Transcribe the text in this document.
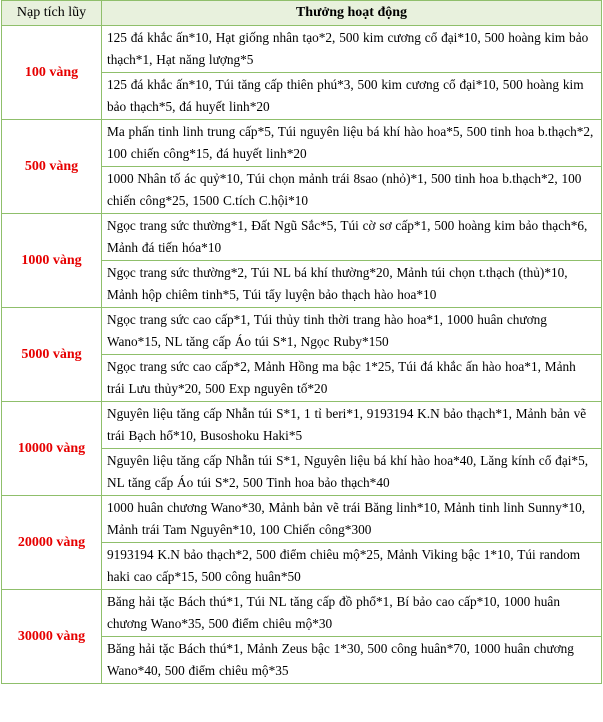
Nạp tích lũy	Thưởng hoạt động
100 vàng	125 đá khắc ấn*10, Hạt giống nhân tạo*2, 500 kim cương cổ đại*10, 500 hoàng kim bảo thạch*1, Hạt năng lượng*5
	125 đá khắc ấn*10, Túi tăng cấp thiên phú*3, 500 kim cương cổ đại*10, 500 hoàng kim bảo thạch*5, đá huyết linh*20
500 vàng	Ma phấn tinh linh trung cấp*5, Túi nguyên liệu bá khí hào hoa*5, 500 tinh hoa b.thạch*2, 100 chiến công*15, đá huyết linh*20
	1000 Nhân tố ác quỷ*10, Túi chọn mảnh trái 8sao (nhỏ)*1, 500 tinh hoa b.thạch*2, 100 chiến công*25, 1500 C.tích C.hội*10
1000 vàng	Ngọc trang sức thường*1, Đất Ngũ Sắc*5, Túi cờ sơ cấp*1, 500 hoàng kim bảo thạch*6, Mảnh đá tiến hóa*10
	Ngọc trang sức thường*2, Túi NL bá khí thường*20, Mảnh túi chọn t.thạch (thủ)*10, Mảnh hộp chiêm tinh*5, Túi tẩy luyện bảo thạch hào hoa*10
5000 vàng	Ngọc trang sức cao cấp*1, Túi thủy tinh thời trang hào hoa*1, 1000 huân chương Wano*15, NL tăng cấp Áo túi S*1, Ngọc Ruby*150
	Ngọc trang sức cao cấp*2, Mảnh Hồng ma bậc 1*25, Túi đá khắc ấn hào hoa*1, Mảnh trái Lưu thủy*20, 500 Exp nguyên tố*20
10000 vàng	Nguyên liệu tăng cấp Nhẫn túi S*1, 1 tỉ beri*1, 9193194 K.N bảo thạch*1, Mảnh bản vẽ trái Bạch hổ*10, Busoshoku Haki*5
	Nguyên liệu tăng cấp Nhẫn túi S*1, Nguyên liệu bá khí hào hoa*40, Lăng kính cổ đại*5, NL tăng cấp Áo túi S*2, 500 Tinh hoa bảo thạch*40
20000 vàng	1000 huân chương Wano*30, Mảnh bản vẽ trái Băng linh*10, Mảnh tinh linh Sunny*10, Mảnh trái Tam Nguyên*10, 100 Chiến công*300
	9193194 K.N bảo thạch*2, 500 điểm chiêu mộ*25, Mảnh Viking bậc 1*10, Túi random haki cao cấp*15, 500 công huân*50
30000 vàng	Băng hải tặc Bách thú*1, Túi NL tăng cấp đồ phổ*1, Bí bảo cao cấp*10, 1000 huân chương Wano*35, 500 điểm chiêu mộ*30
	Băng hải tặc Bách thú*1, Mảnh Zeus bậc 1*30, 500 công huân*70, 1000 huân chương Wano*40, 500 điểm chiêu mộ*35
